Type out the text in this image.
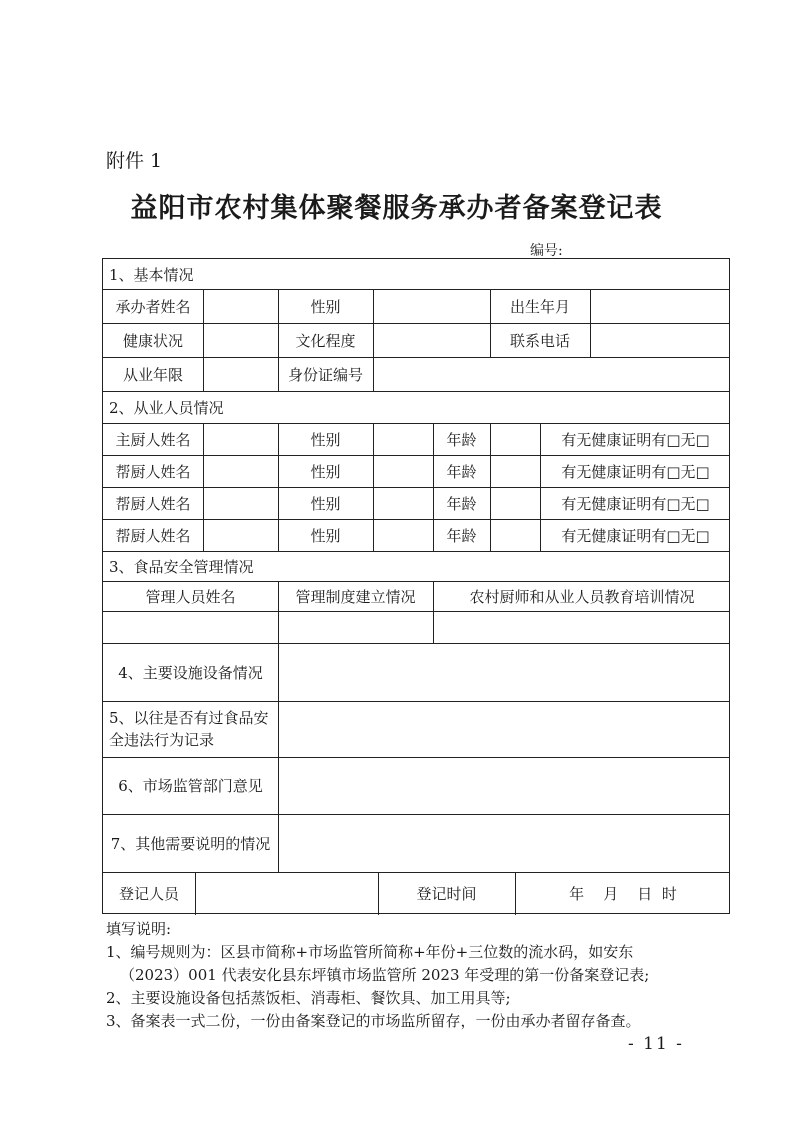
附件 1
益阳市农村集体聚餐服务承办者备案登记表
编号:
1、基本情况
承办者姓名	性别	出生年月
健康状况	文化程度	联系电话
从业年限	身份证编号
2、从业人员情况
主厨人姓名	性别	年龄	有无健康证明有□无□
帮厨人姓名	性别	年龄	有无健康证明有□无□
帮厨人姓名	性别	年龄	有无健康证明有□无□
帮厨人姓名	性别	年龄	有无健康证明有□无□
3、食品安全管理情况
管理人员姓名	管理制度建立情况	农村厨师和从业人员教育培训情况
4、主要设施设备情况
5、以往是否有过食品安全违法行为记录
6、市场监管部门意见
7、其他需要说明的情况
登记人员	登记时间	年    月    日  时
填写说明:
1、编号规则为：区县市简称+市场监管所简称+年份+三位数的流水码，如安东
（2023）001 代表安化县东坪镇市场监管所 2023 年受理的第一份备案登记表;
2、主要设施设备包括蒸饭柜、消毒柜、餐饮具、加工用具等;
3、备案表一式二份，一份由备案登记的市场监所留存，一份由承办者留存备查。
- 11 -
